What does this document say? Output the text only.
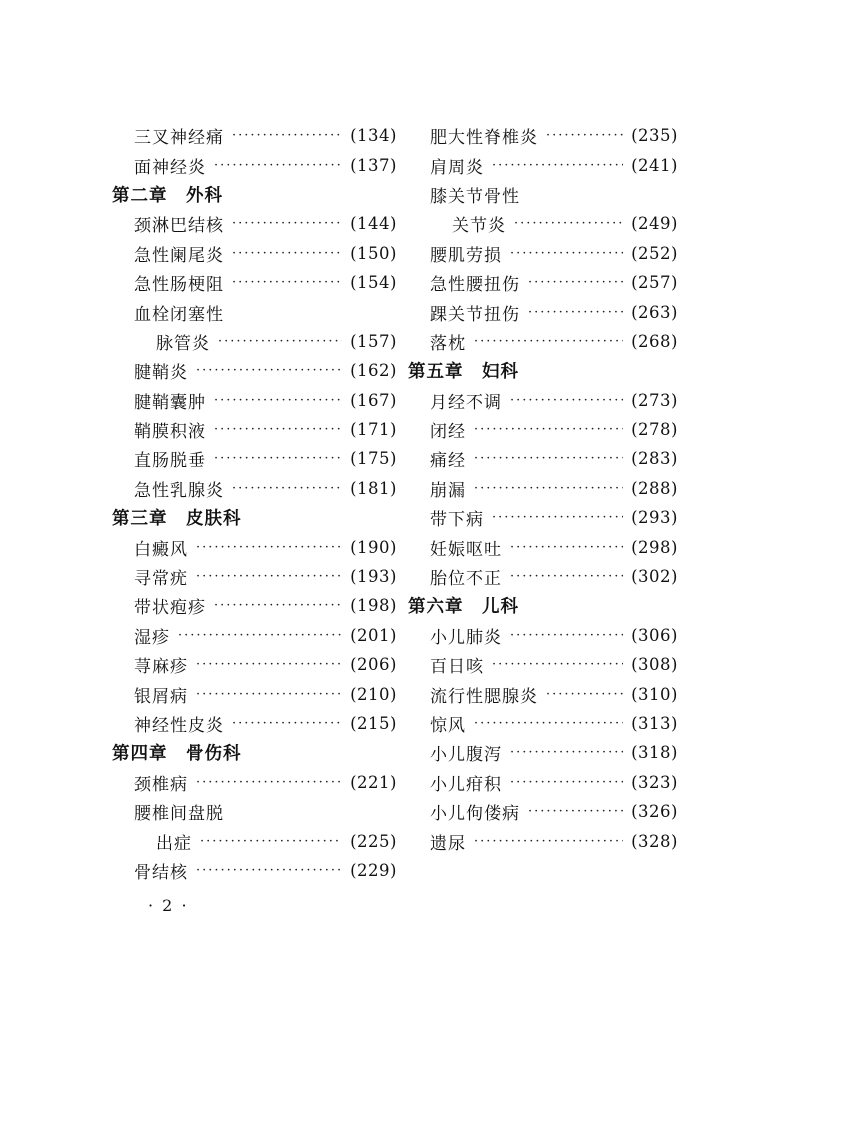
三叉神经痛 ·····	(134)
面神经炎 ·····	(137)
第二章　外科
颈淋巴结核 ·····	(144)
急性阑尾炎 ·····	(150)
急性肠梗阻 ·····	(154)
血栓闭塞性
脉管炎 ·····	(157)
腱鞘炎 ·····	(162)
腱鞘囊肿 ·····	(167)
鞘膜积液 ·····	(171)
直肠脱垂 ·····	(175)
急性乳腺炎 ·····	(181)
第三章　皮肤科
白癜风 ·····	(190)
寻常疣 ·····	(193)
带状疱疹 ·····	(198)
湿疹 ·····	(201)
荨麻疹 ·····	(206)
银屑病 ·····	(210)
神经性皮炎 ·····	(215)
第四章　骨伤科
颈椎病 ·····	(221)
腰椎间盘脱
出症 ·····	(225)
骨结核 ·····	(229)
肥大性脊椎炎 ·····	(235)
肩周炎 ·····	(241)
膝关节骨性
关节炎 ·····	(249)
腰肌劳损 ·····	(252)
急性腰扭伤 ·····	(257)
踝关节扭伤 ·····	(263)
落枕 ·····	(268)
第五章　妇科
月经不调 ·····	(273)
闭经 ·····	(278)
痛经 ·····	(283)
崩漏 ·····	(288)
带下病 ·····	(293)
妊娠呕吐 ·····	(298)
胎位不正 ·····	(302)
第六章　儿科
小儿肺炎 ·····	(306)
百日咳 ·····	(308)
流行性腮腺炎 ·····	(310)
惊风 ·····	(313)
小儿腹泻 ·····	(318)
小儿疳积 ·····	(323)
小儿佝偻病 ·····	(326)
遗尿 ·····	(328)
· 2 ·
